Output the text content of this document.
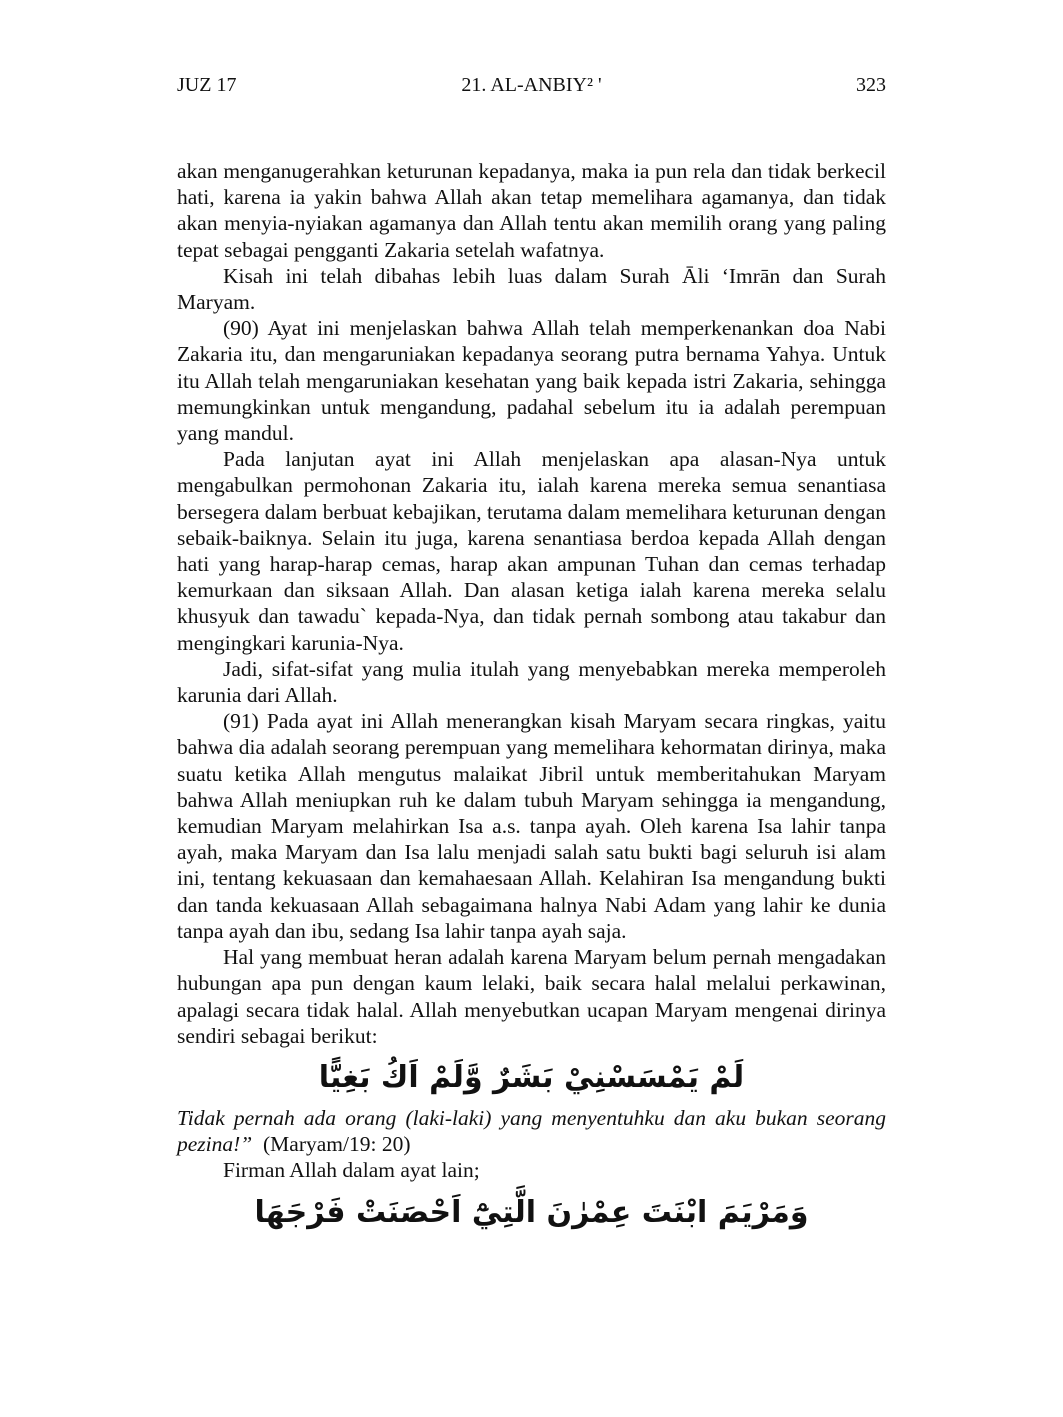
JUZ 17	21. AL-ANBIY² '	323

akan menganugerahkan keturunan kepadanya, maka ia pun rela dan tidak berkecil hati, karena ia yakin bahwa Allah akan tetap memelihara agamanya, dan tidak akan menyia-nyiakan agamanya dan Allah tentu akan memilih orang yang paling tepat sebagai pengganti Zakaria setelah wafatnya.

Kisah ini telah dibahas lebih luas dalam Surah Āli ‘Imrān dan Surah Maryam.

(90) Ayat ini menjelaskan bahwa Allah telah memperkenankan doa Nabi Zakaria itu, dan mengaruniakan kepadanya seorang putra bernama Yahya. Untuk itu Allah telah mengaruniakan kesehatan yang baik kepada istri Zakaria, sehingga memungkinkan untuk mengandung, padahal sebelum itu ia adalah perempuan yang mandul.

Pada lanjutan ayat ini Allah menjelaskan apa alasan-Nya untuk mengabulkan permohonan Zakaria itu, ialah karena mereka semua senantiasa bersegera dalam berbuat kebajikan, terutama dalam memelihara keturunan dengan sebaik-baiknya. Selain itu juga, karena senantiasa berdoa kepada Allah dengan hati yang harap-harap cemas, harap akan ampunan Tuhan dan cemas terhadap kemurkaan dan siksaan Allah. Dan alasan ketiga ialah karena mereka selalu khusyuk dan tawadu` kepada-Nya, dan tidak pernah sombong atau takabur dan mengingkari karunia-Nya.

Jadi, sifat-sifat yang mulia itulah yang menyebabkan mereka memperoleh karunia dari Allah.

(91) Pada ayat ini Allah menerangkan kisah Maryam secara ringkas, yaitu bahwa dia adalah seorang perempuan yang memelihara kehormatan dirinya, maka suatu ketika Allah mengutus malaikat Jibril untuk memberitahukan Maryam bahwa Allah meniupkan ruh ke dalam tubuh Maryam sehingga ia mengandung, kemudian Maryam melahirkan Isa a.s. tanpa ayah. Oleh karena Isa lahir tanpa ayah, maka Maryam dan Isa lalu menjadi salah satu bukti bagi seluruh isi alam ini, tentang kekuasaan dan kemahaesaan Allah. Kelahiran Isa mengandung bukti dan tanda kekuasaan Allah sebagaimana halnya Nabi Adam yang lahir ke dunia tanpa ayah dan ibu, sedang Isa lahir tanpa ayah saja.

Hal yang membuat heran adalah karena Maryam belum pernah mengadakan hubungan apa pun dengan kaum lelaki, baik secara halal melalui perkawinan, apalagi secara tidak halal. Allah menyebutkan ucapan Maryam mengenai dirinya sendiri sebagai berikut:

لَمْ يَمْسَسْنِيْ بَشَرٌ وَّلَمْ اَكُ بَغِيًّا

Tidak pernah ada orang (laki-laki) yang menyentuhku dan aku bukan seorang pezina!” (Maryam/19: 20)

Firman Allah dalam ayat lain;

وَمَرْيَمَ ابْنَتَ عِمْرٰنَ الَّتِيْٓ اَحْصَنَتْ فَرْجَهَا
